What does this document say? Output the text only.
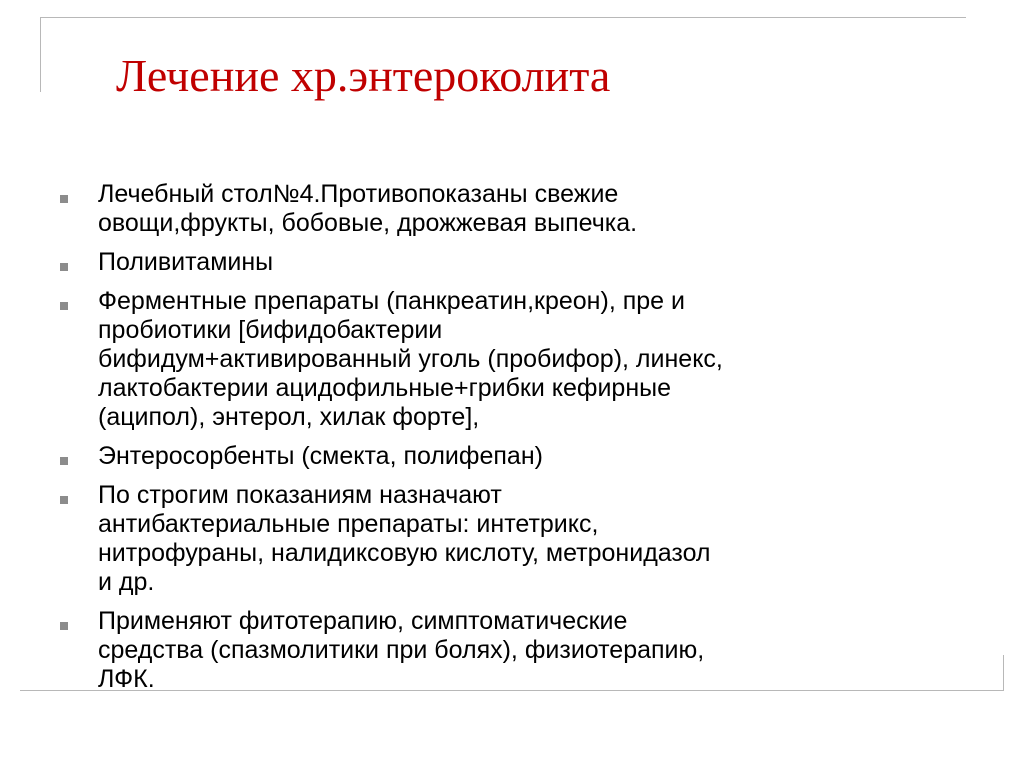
Лечение хр.энтероколита
Лечебный стол№4.Противопоказаны свежие
овощи,фрукты, бобовые, дрожжевая выпечка.
Поливитамины
Ферментные препараты (панкреатин,креон), пре и
пробиотики [бифидобактерии
бифидум+активированный уголь (пробифор), линекс,
лактобактерии ацидофильные+грибки кефирные
(аципол), энтерол, хилак форте],
Энтеросорбенты (смекта, полифепан)
По строгим показаниям назначают
антибактериальные препараты: интетрикс,
нитрофураны, налидиксовую кислоту, метронидазол
и др.
Применяют фитотерапию, симптоматические
средства (спазмолитики при болях), физиотерапию,
ЛФК.
